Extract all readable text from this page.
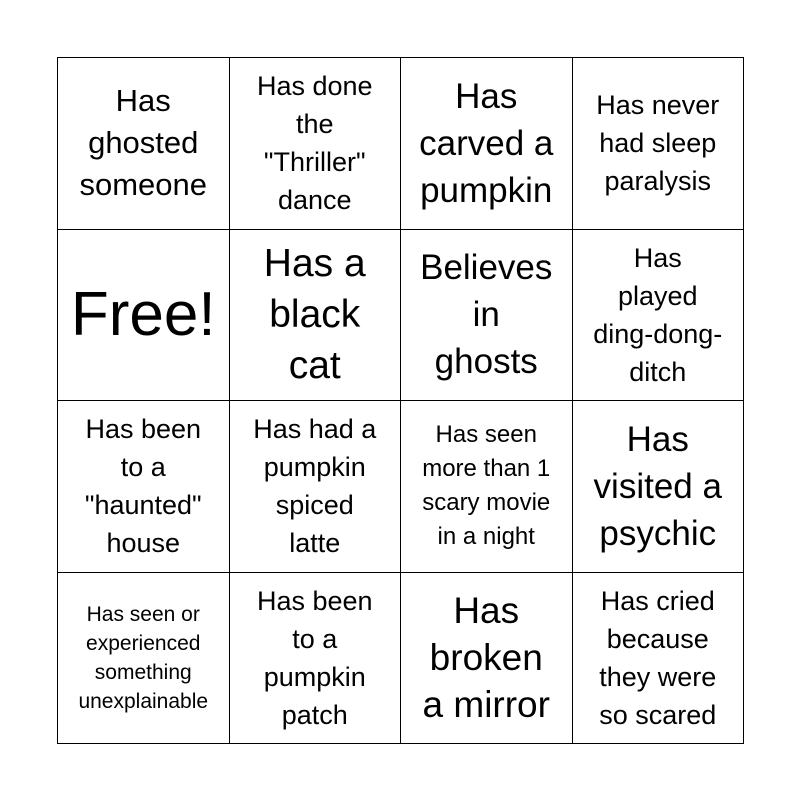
Has
ghosted
someone
Has done
the
"Thriller"
dance
Has
carved a
pumpkin
Has never
had sleep
paralysis
Free!
Has a
black
cat
Believes
in
ghosts
Has
played
ding-dong-
ditch
Has been
to a
"haunted"
house
Has had a
pumpkin
spiced
latte
Has seen
more than 1
scary movie
in a night
Has
visited a
psychic
Has seen or
experienced
something
unexplainable
Has been
to a
pumpkin
patch
Has
broken
a mirror
Has cried
because
they were
so scared
